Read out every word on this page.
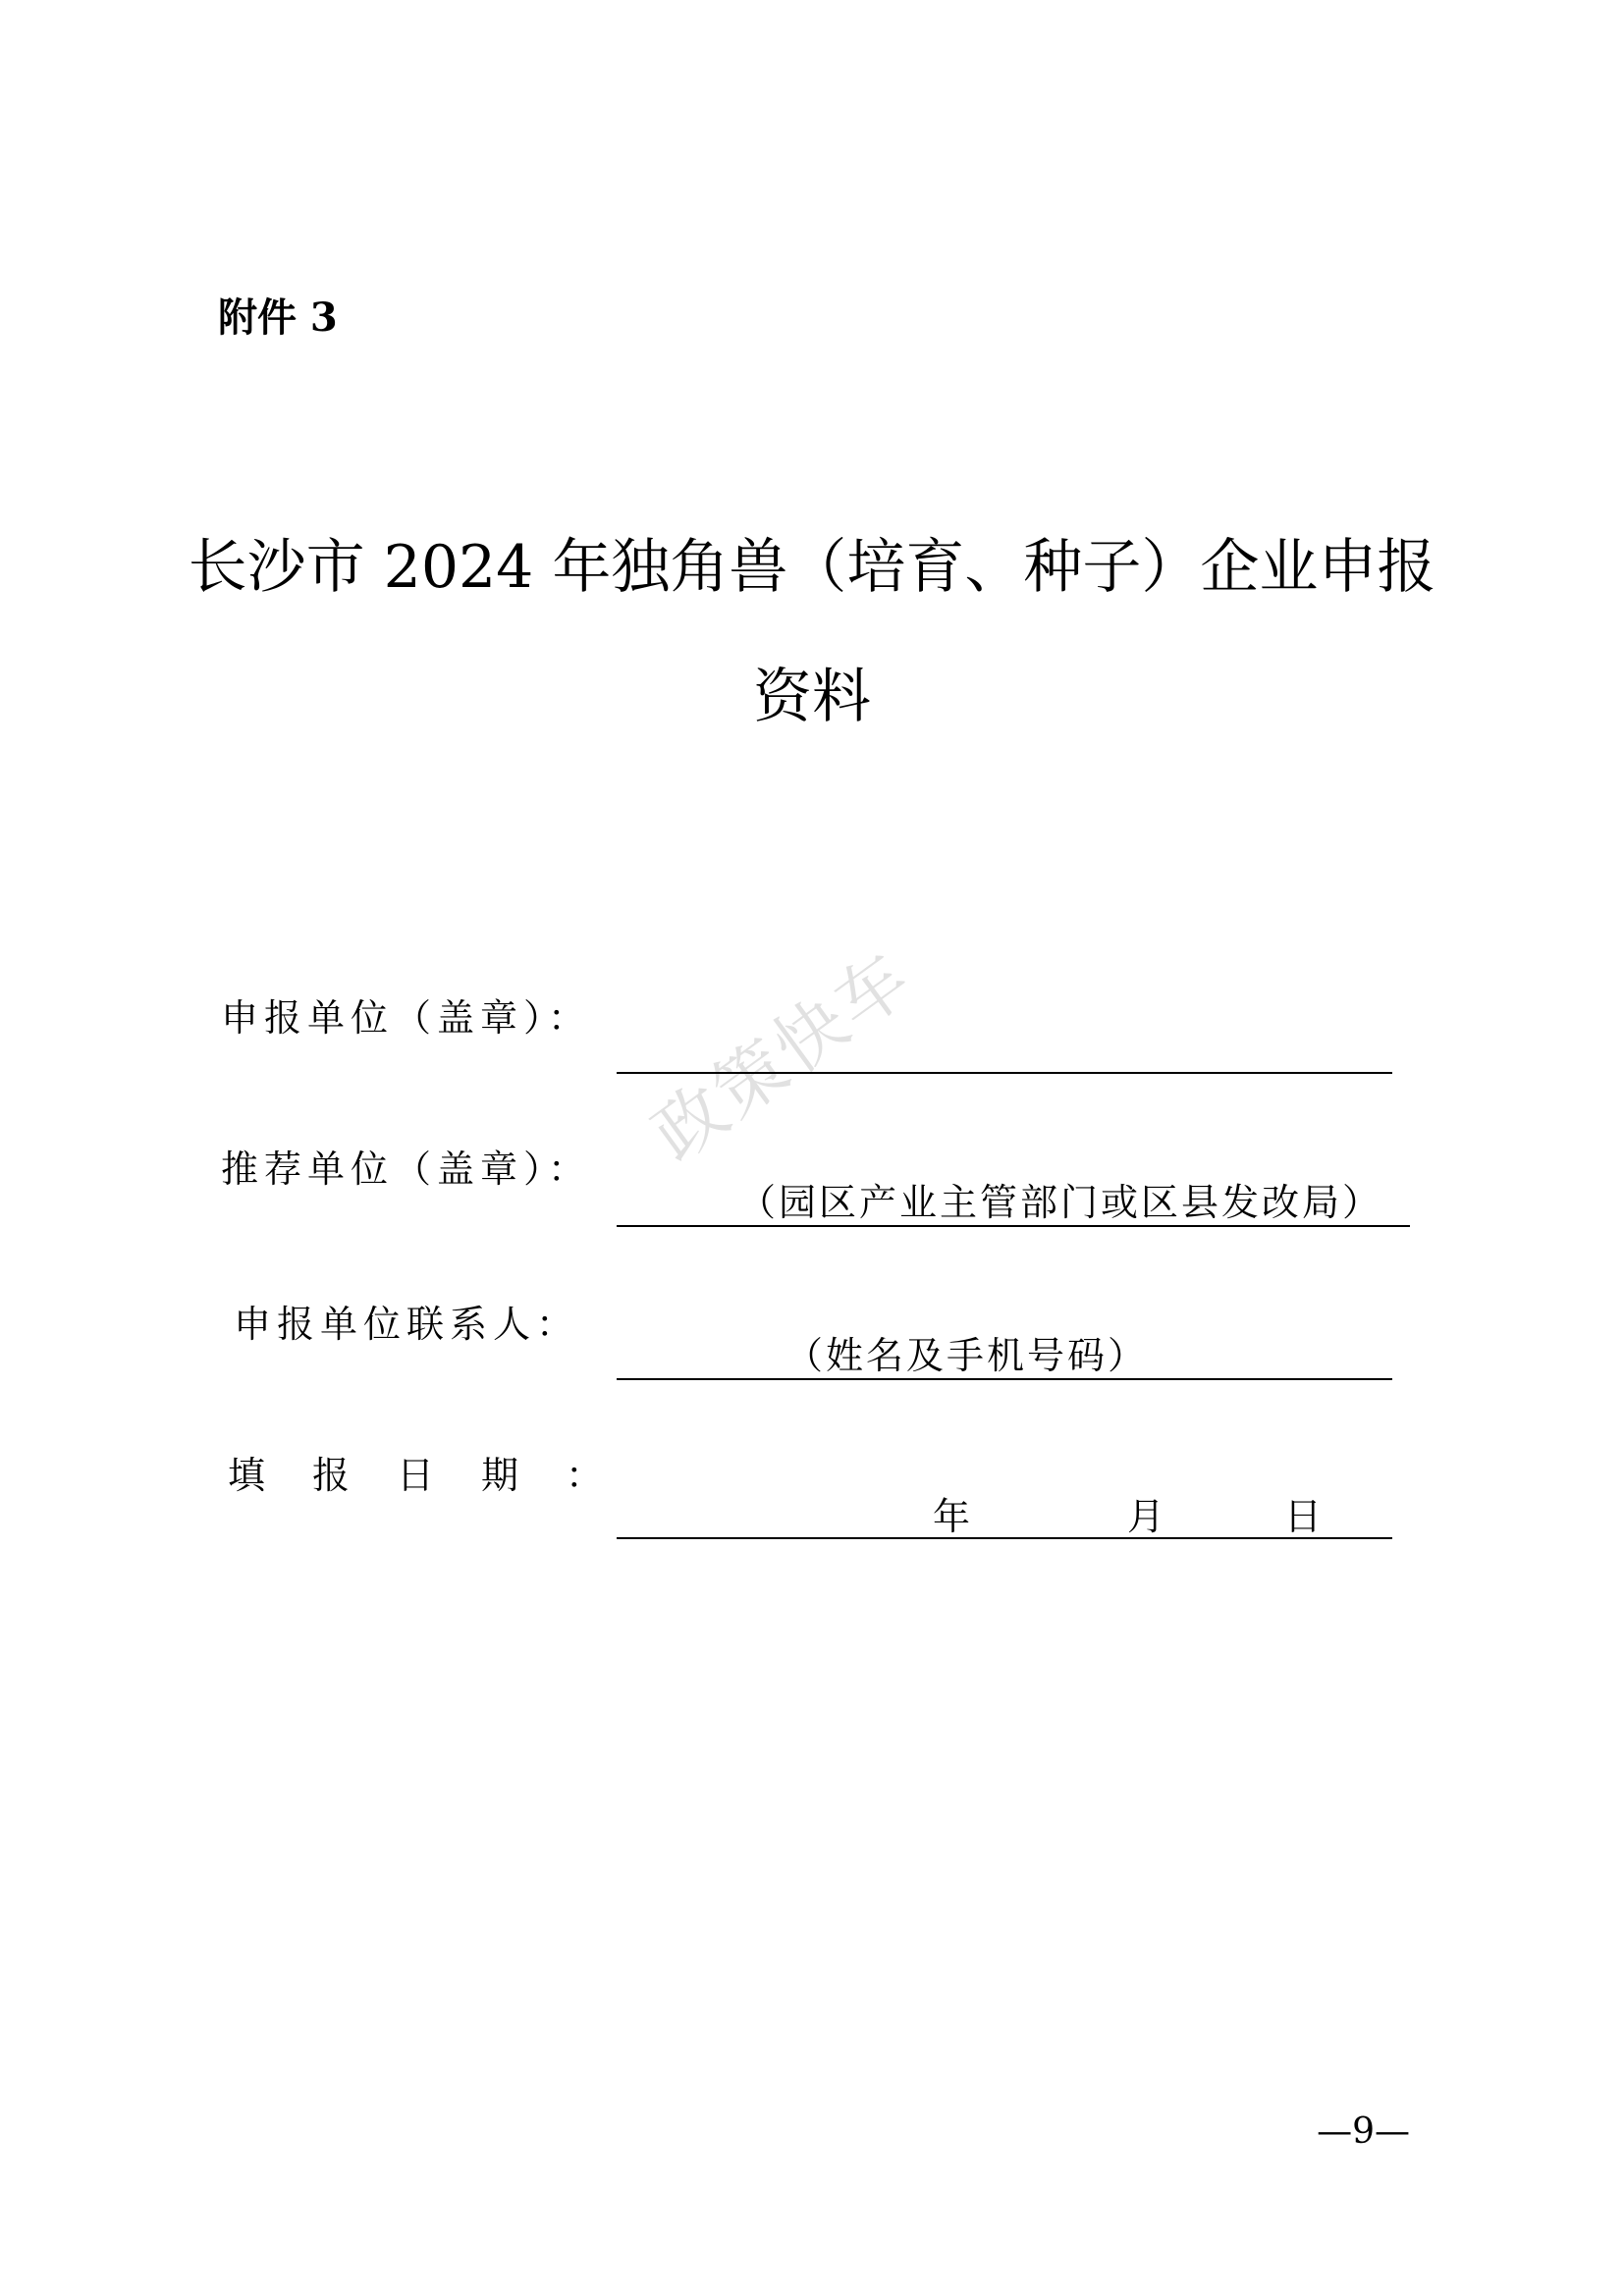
附件 3
长沙市 2024 年独角兽（培育、种子）企业申报
资料
政策快车
申报单位（盖章）：
推荐单位（盖章）：
（园区产业主管部门或区县发改局）
申报单位联系人：
（姓名及手机号码）
填报日期：
年	月	日
—9—
